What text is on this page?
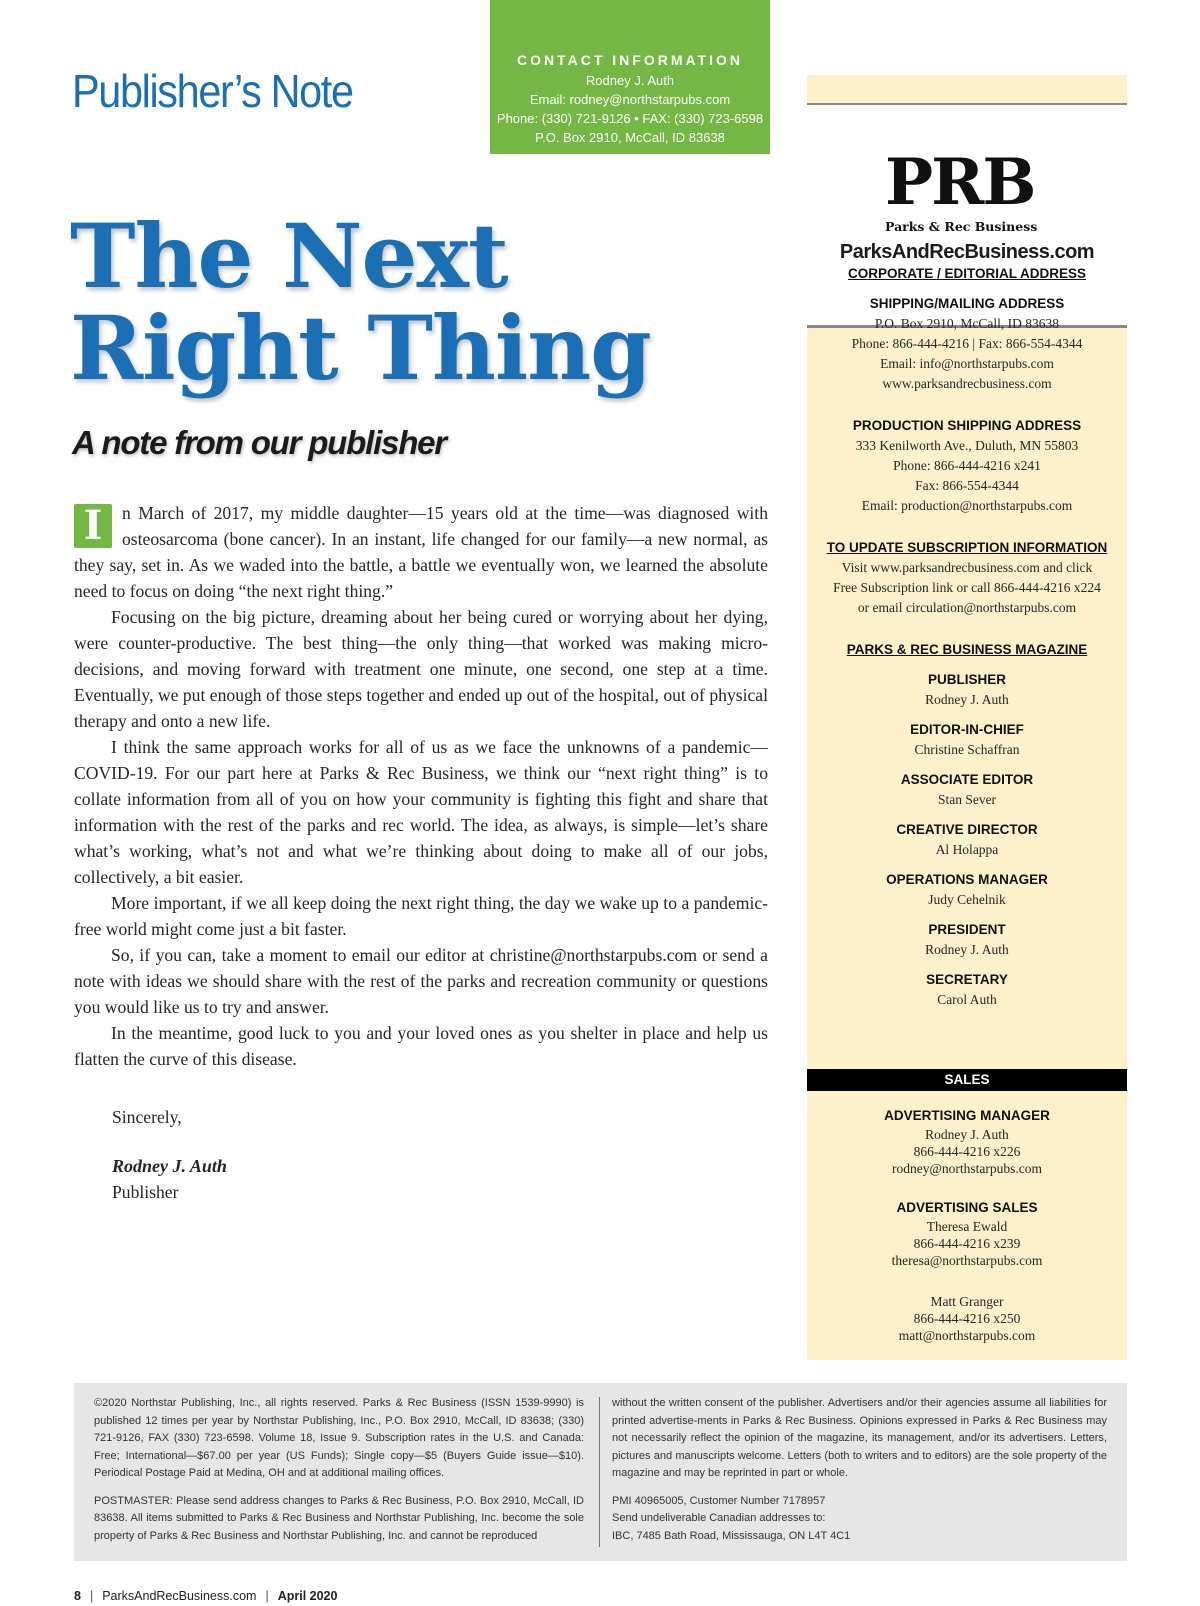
Publisher’s Note
CONTACT INFORMATION
Rodney J. Auth
Email: rodney@northstarpubs.com
Phone: (330) 721-9126 • FAX: (330) 723-6598
P.O. Box 2910, McCall, ID 83638
The Next
Right Thing
A note from our publisher

I	n March of 2017, my middle daughter—15 years old at the time—was diagnosed with osteosarcoma (bone cancer). In an instant, life changed for our family—a new normal, as they say, set in. As we waded into the battle, a battle we eventually won, we learned the absolute need to focus on doing “the next right thing.”

Focusing on the big picture, dreaming about her being cured or worrying about her dying, were counter-productive. The best thing—the only thing—that worked was making micro-decisions, and moving forward with treatment one minute, one second, one step at a time. Eventually, we put enough of those steps together and ended up out of the hospital, out of physical therapy and onto a new life.

I think the same approach works for all of us as we face the unknowns of a pandemic—COVID-19. For our part here at Parks & Rec Business, we think our “next right thing” is to collate information from all of you on how your community is fighting this fight and share that information with the rest of the parks and rec world. The idea, as always, is simple—let’s share what’s working, what’s not and what we’re thinking about doing to make all of our jobs, collectively, a bit easier.

More important, if we all keep doing the next right thing, the day we wake up to a pandemic-free world might come just a bit faster.

So, if you can, take a moment to email our editor at christine@northstarpubs.com or send a note with ideas we should share with the rest of the parks and recreation community or questions you would like us to try and answer.

In the meantime, good luck to you and your loved ones as you shelter in place and help us flatten the curve of this disease.

Sincerely,
Rodney J. Auth
Publisher
PRB
Parks & Rec Business
ParksAndRecBusiness.com
CORPORATE / EDITORIAL ADDRESS
SHIPPING/MAILING ADDRESS
P.O. Box 2910, McCall, ID 83638
Phone: 866-444-4216 | Fax: 866-554-4344
Email: info@northstarpubs.com
www.parksandrecbusiness.com
PRODUCTION SHIPPING ADDRESS
333 Kenilworth Ave., Duluth, MN 55803
Phone: 866-444-4216 x241
Fax: 866-554-4344
Email: production@northstarpubs.com
TO UPDATE SUBSCRIPTION INFORMATION
Visit www.parksandrecbusiness.com and click
Free Subscription link or call 866-444-4216 x224
or email circulation@northstarpubs.com
PARKS & REC BUSINESS MAGAZINE
PUBLISHER
Rodney J. Auth
EDITOR-IN-CHIEF
Christine Schaffran
ASSOCIATE EDITOR
Stan Sever
CREATIVE DIRECTOR
Al Holappa
OPERATIONS MANAGER
Judy Cehelnik
PRESIDENT
Rodney J. Auth
SECRETARY
Carol Auth
SALES
ADVERTISING MANAGER
Rodney J. Auth
866-444-4216 x226
rodney@northstarpubs.com
ADVERTISING SALES
Theresa Ewald
866-444-4216 x239
theresa@northstarpubs.com
Matt Granger
866-444-4216 x250
matt@northstarpubs.com

©2020 Northstar Publishing, Inc., all rights reserved. Parks & Rec Business (ISSN 1539-9990) is published 12 times per year by Northstar Publishing, Inc., P.O. Box 2910, McCall, ID 83638; (330) 721-9126, FAX (330) 723-6598. Volume 18, Issue 9. Subscription rates in the U.S. and Canada: Free; International—$67.00 per year (US Funds); Single copy—$5 (Buyers Guide issue—$10). Periodical Postage Paid at Medina, OH and at additional mailing offices.

POSTMASTER: Please send address changes to Parks & Rec Business, P.O. Box 2910, McCall, ID 83638. All items submitted to Parks & Rec Business and Northstar Publishing, Inc. become the sole property of Parks & Rec Business and Northstar Publishing, Inc. and cannot be reproduced

without the written consent of the publisher. Advertisers and/or their agencies assume all liabilities for printed advertise-ments in Parks & Rec Business. Opinions expressed in Parks & Rec Business may not necessarily reflect the opinion of the magazine, its management, and/or its advertisers. Letters, pictures and manuscripts welcome. Letters (both to writers and to editors) are the sole property of the magazine and may be reprinted in part or whole.

PMI 40965005, Customer Number 7178957
Send undeliverable Canadian addresses to:
IBC, 7485 Bath Road, Mississauga, ON L4T 4C1
8 | ParksAndRecBusiness.com | April 2020
